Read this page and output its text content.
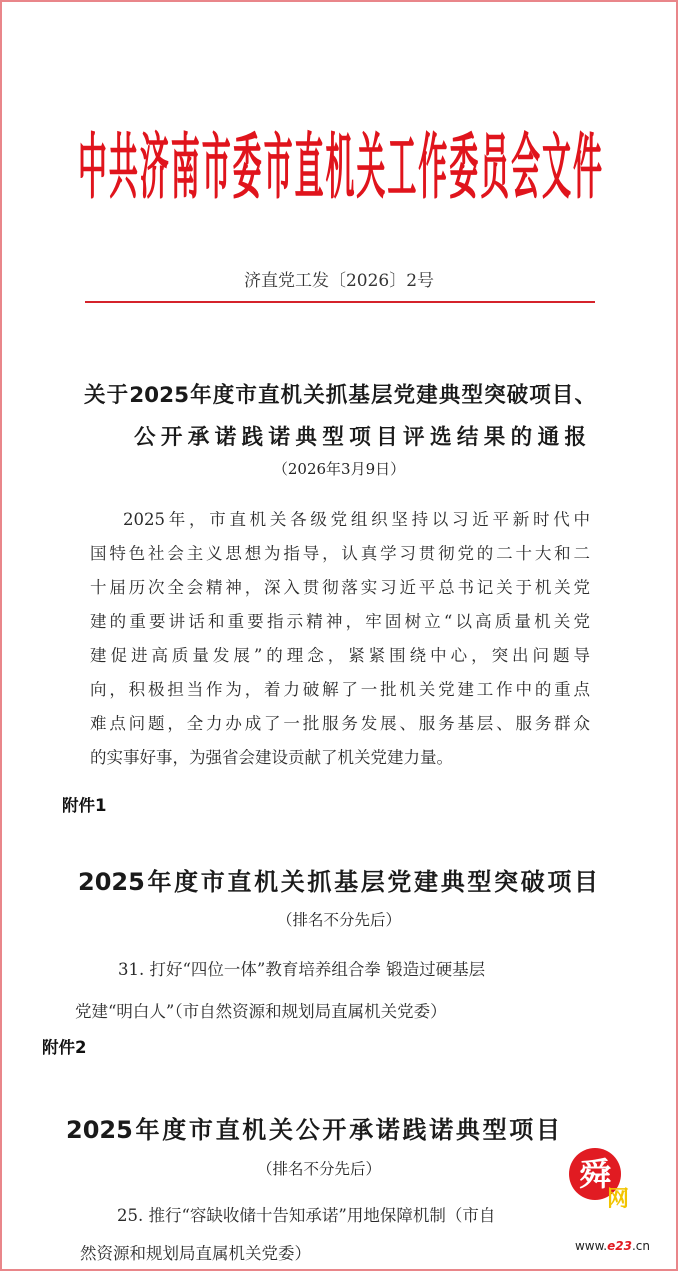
中共济南市委市直机关工作委员会文件
济直党工发〔2026〕2号
关于2025年度市直机关抓基层党建典型突破项目、
公开承诺践诺典型项目评选结果的通报
（2026年3月9日）
2025年，市直机关各级党组织坚持以习近平新时代中
国特色社会主义思想为指导，认真学习贯彻党的二十大和二
十届历次全会精神，深入贯彻落实习近平总书记关于机关党
建的重要讲话和重要指示精神，牢固树立“以高质量机关党
建促进高质量发展”的理念，紧紧围绕中心，突出问题导
向，积极担当作为，着力破解了一批机关党建工作中的重点
难点问题，全力办成了一批服务发展、服务基层、服务群众
的实事好事，为强省会建设贡献了机关党建力量。
附件1
2025年度市直机关抓基层党建典型突破项目
（排名不分先后）
31. 打好“四位一体”教育培养组合拳 锻造过硬基层
党建“明白人”（市自然资源和规划局直属机关党委）
附件2
2025年度市直机关公开承诺践诺典型项目
（排名不分先后）
25. 推行“容缺收储十告知承诺”用地保障机制（市自
然资源和规划局直属机关党委）
舜
网
www.e23.cn
